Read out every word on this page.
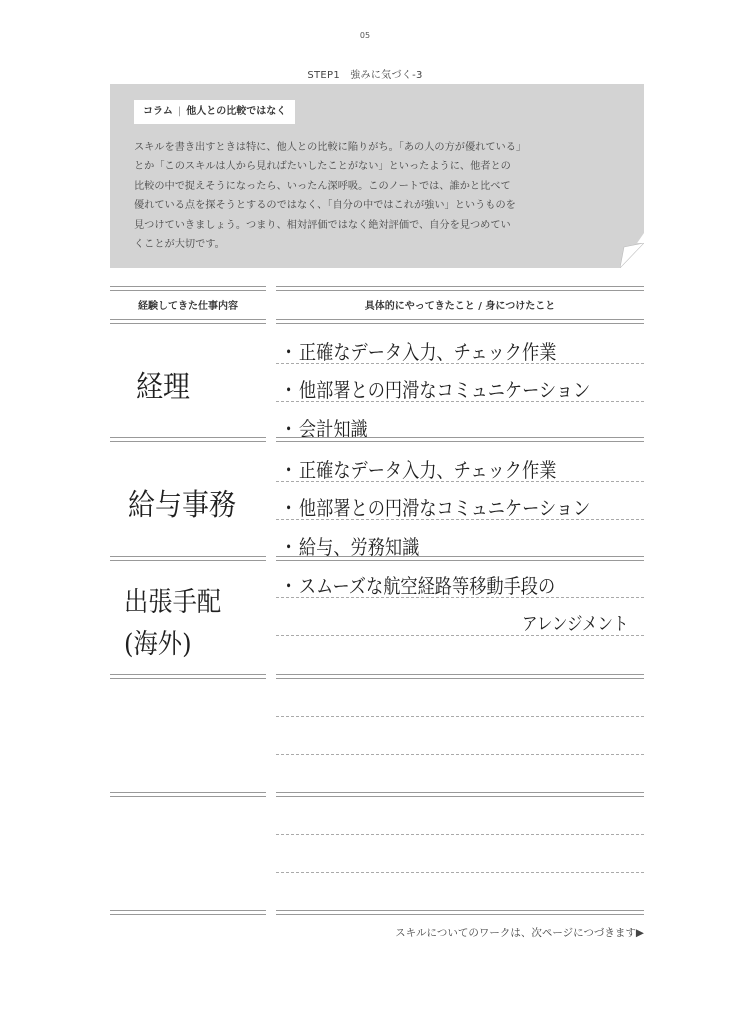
05
STEP1　強みに気づく-3
コラム | 他人との比較ではなく
スキルを書き出すときは特に、他人との比較に陥りがち。「あの人の方が優れている」
とか「このスキルは人から見ればたいしたことがない」といったように、他者との
比較の中で捉えそうになったら、いったん深呼吸。このノートでは、誰かと比べて
優れている点を探そうとするのではなく、「自分の中ではこれが強い」というものを
見つけていきましょう。つまり、相対評価ではなく絶対評価で、自分を見つめてい
くことが大切です。
経験してきた仕事内容	具体的にやってきたこと / 身につけたこと
経理
・正確なデータ入力、チェック作業
・他部署との円滑なコミュニケーション
・会計知識
給与事務
・正確なデータ入力、チェック作業
・他部署との円滑なコミュニケーション
・給与、労務知識
出張手配
(海外)
・スムーズな航空経路等移動手段の
アレンジメント
スキルについてのワークは、次ページにつづきます▶
